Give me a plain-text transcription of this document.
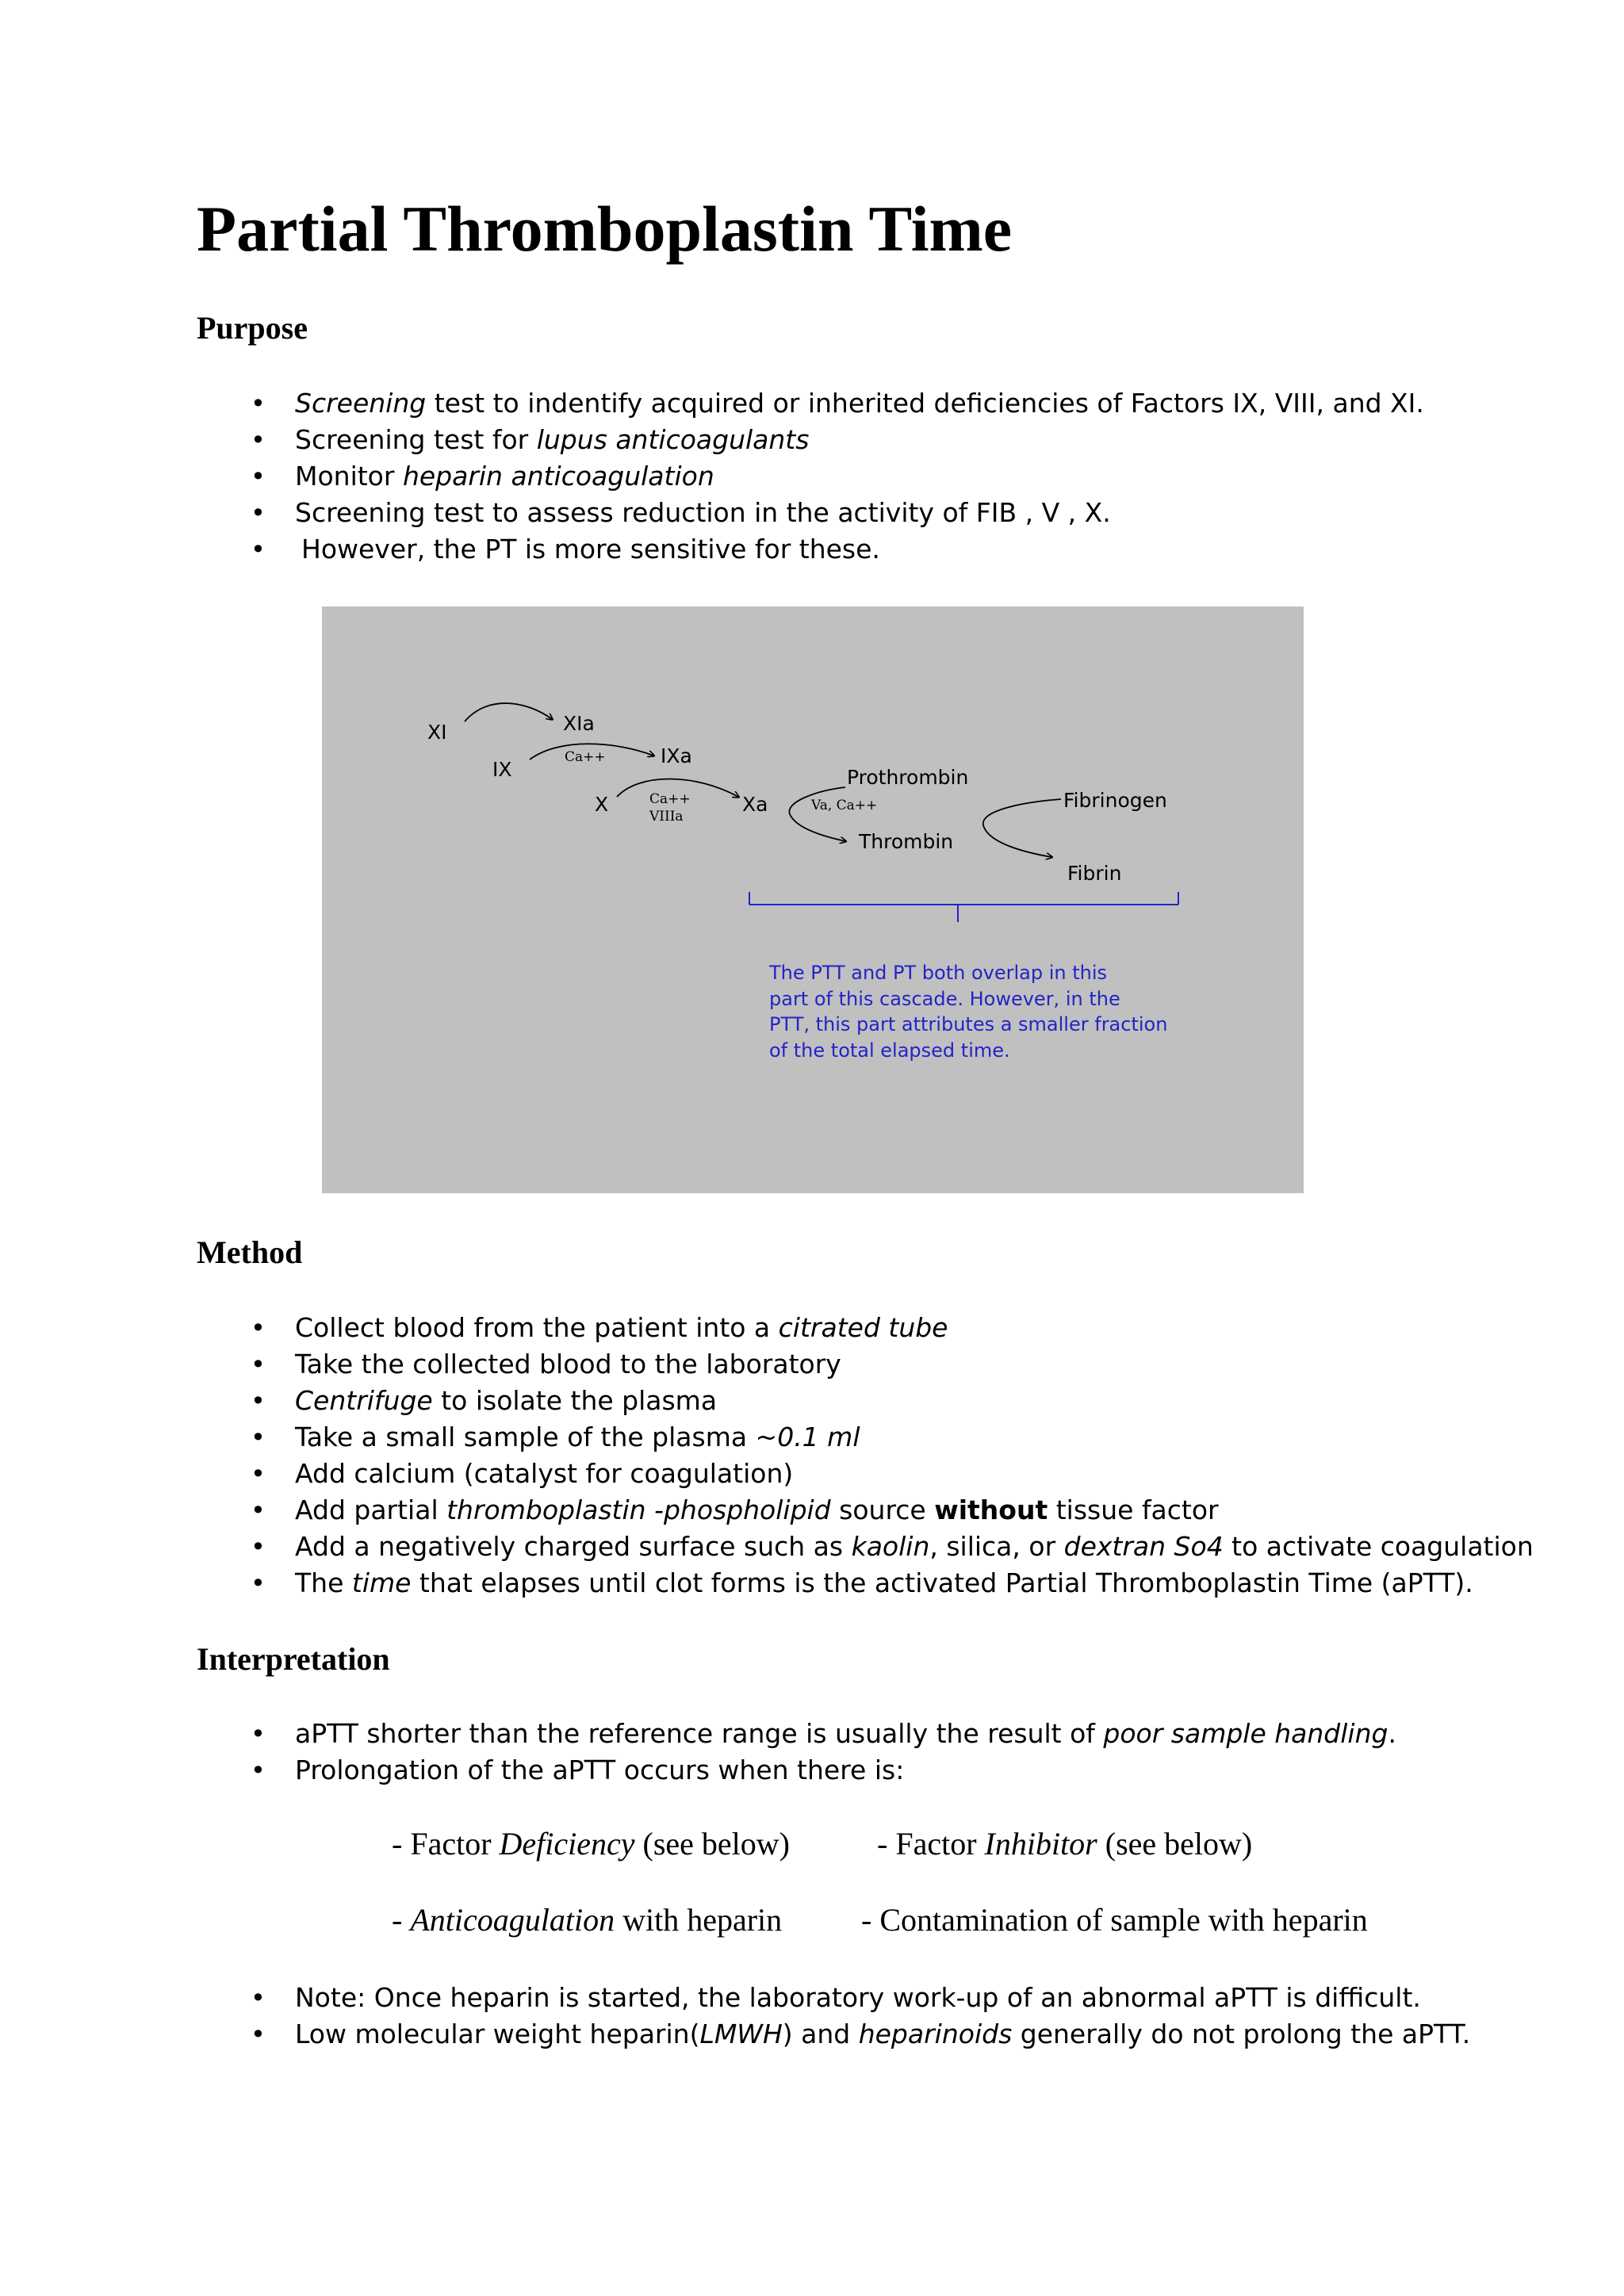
Partial Thromboplastin Time
Purpose
• Screening test to indentify acquired or inherited deficiencies of Factors IX, VIII, and XI.
• Screening test for lupus anticoagulants
• Monitor heparin anticoagulation
• Screening test to assess reduction in the activity of FIB , V , X.
• However, the PT is more sensitive for these.
XI	XIa
IX
IXa
X	Xa
Prothrombin
Thrombin
Fibrinogen
Fibrin
Ca++
Ca++
VIIIa
Va, Ca++
The PTT and PT both overlap in this
part of this cascade. However, in the
PTT, this part attributes a smaller fraction
of the total elapsed time.
Method
• Collect blood from the patient into a citrated tube
• Take the collected blood to the laboratory
• Centrifuge to isolate the plasma
• Take a small sample of the plasma ~0.1 ml
• Add calcium (catalyst for coagulation)
• Add partial thromboplastin -phospholipid source without tissue factor
• Add a negatively charged surface such as kaolin, silica, or dextran So4 to activate coagulation
• The time that elapses until clot forms is the activated Partial Thromboplastin Time (aPTT).
Interpretation
• aPTT shorter than the reference range is usually the result of poor sample handling.
• Prolongation of the aPTT occurs when there is:
- Factor Deficiency (see below)	- Factor Inhibitor (see below)
- Anticoagulation with heparin - Contamination of sample with heparin
• Note: Once heparin is started, the laboratory work-up of an abnormal aPTT is difficult.
• Low molecular weight heparin(LMWH) and heparinoids generally do not prolong the aPTT.
